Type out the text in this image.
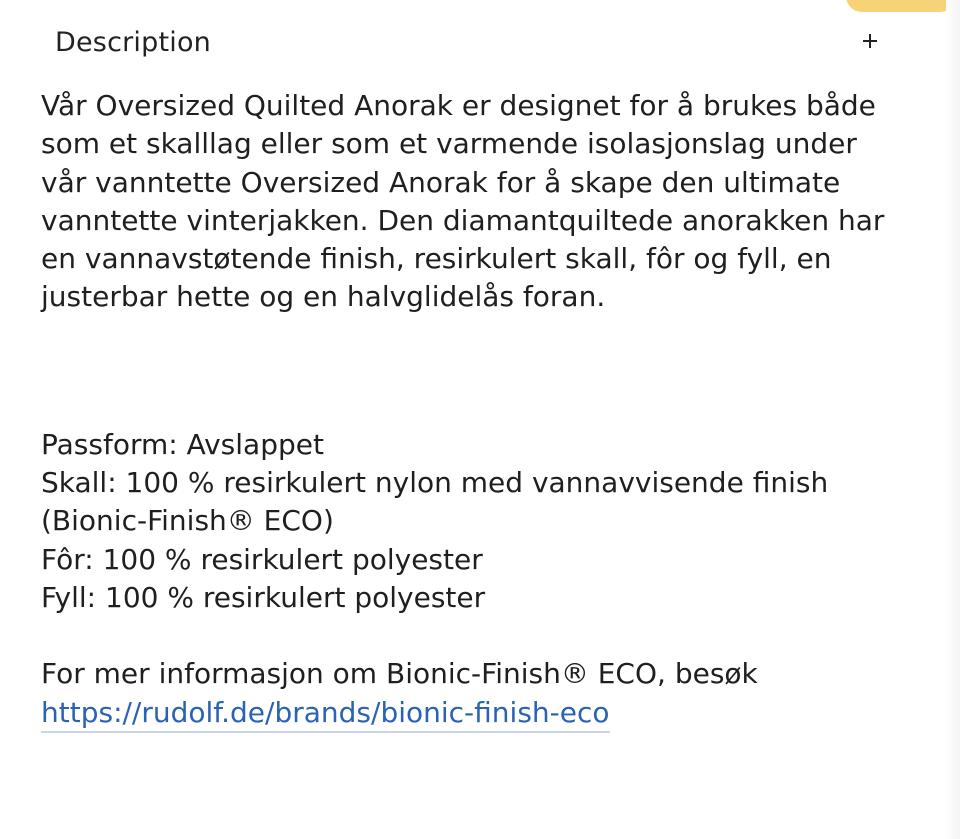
Description

Vår Oversized Quilted Anorak er designet for å brukes både
som et skalllag eller som et varmende isolasjonslag under
vår vanntette Oversized Anorak for å skape den ultimate
vanntette vinterjakken. Den diamantquiltede anorakken har
en vannavstøtende finish, resirkulert skall, fôr og fyll, en
justerbar hette og en halvglidelås foran.

Passform: Avslappet
Skall: 100 % resirkulert nylon med vannavvisende finish
(Bionic-Finish® ECO)
Fôr: 100 % resirkulert polyester
Fyll: 100 % resirkulert polyester

For mer informasjon om Bionic-Finish® ECO, besøk
https://rudolf.de/brands/bionic-finish-eco
